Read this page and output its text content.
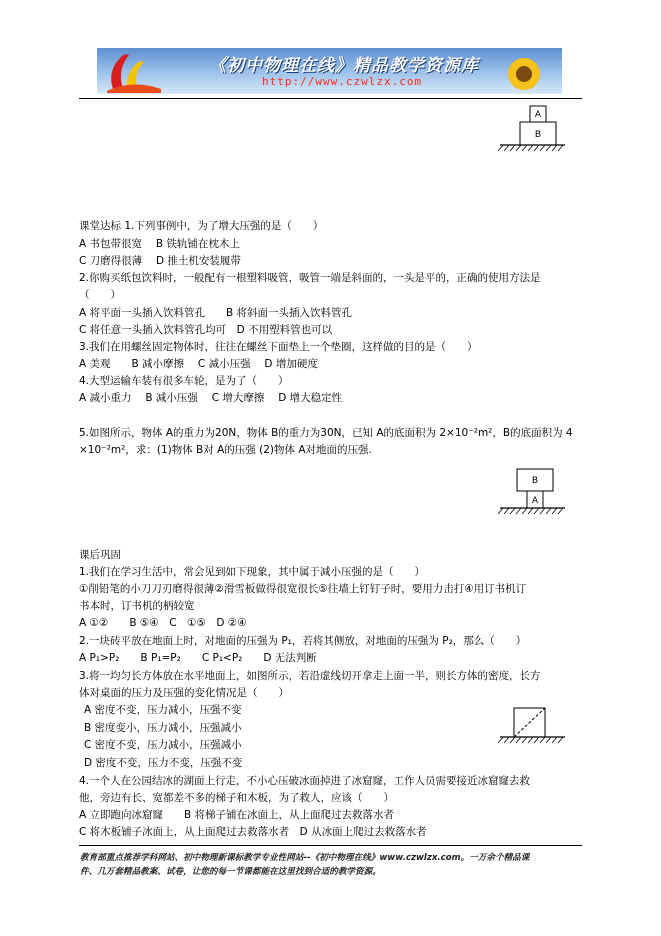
《初中物理在线》精品教学资源库
http://www.czwlzx.com
A
B
课堂达标 1.下列事例中，为了增大压强的是（　　）
A 书包带很宽　 B 铁轨铺在枕木上
C 刀磨得很薄　 D 推土机安装履带
2.你购买纸包饮料时，一般配有一根塑料吸管，吸管一端是斜面的，一头是平的，正确的使用方法是
（　　）
A 将平面一头插入饮料管孔　　B 将斜面一头插入饮料管孔
C 将任意一头插入饮料管孔均可　D 不用塑料管也可以
3.我们在用螺丝固定物体时，往往在螺丝下面垫上一个垫圈，这样做的目的是（　　）
A 美观　　B 减小摩擦　 C 减小压强　 D 增加硬度
4.大型运输车装有很多车轮，是为了（　　）
A 减小重力　 B 减小压强　 C 增大摩擦　 D 增大稳定性
5.如图所示，物体 A的重力为20N，物体 B的重力为30N，已知 A的底面积为 2×10⁻²m²，B的底面积为 4
×10⁻²m²，求：(1)物体 B对 A的压强 (2)物体 A对地面的压强.
B
A
课后巩固
1.我们在学习生活中，常会见到如下现象，其中属于减小压强的是（　　）
①削铅笔的小刀刀刃磨得很薄②滑雪板做得很宽很长⑤往墙上钉钉子时，要用力击打④用订书机订
书本时，订书机的柄较宽
A ①②　　B ⑤④　C　①⑤　D ②④
2.一块砖平放在地面上时，对地面的压强为 P₁，若将其侧放，对地面的压强为 P₂，那么（　　）
A P₁>P₂　　B P₁=P₂　　C P₁<P₂　　D 无法判断
3.将一均匀长方体放在水平地面上，如图所示，若沿虚线切开拿走上面一半，则长方体的密度，长方
体对桌面的压力及压强的变化情况是（　　）
A 密度不变，压力减小，压强不变
B 密度变小，压力减小，压强减小
C 密度不变，压力减小，压强减小
D 密度不变，压力不变，压强不变
4.一个人在公园结冰的湖面上行走，不小心压破冰面掉进了冰窟窿，工作人员需要接近冰窟窿去救
他，旁边有长、宽都差不多的梯子和木板，为了救人，应该（　　）
A 立即跑向冰窟窿　　B 将梯子铺在冰面上，从上面爬过去救落水者
C 将木板铺子冰面上，从上面爬过去救落水者　D 从冰面上爬过去救落水者
教育部重点推荐学科网站、初中物理新课标教学专业性网站--《初中物理在线》www.czwlzx.com。一万余个精品课
件、几万套精品教案、试卷，让您的每一节课都能在这里找到合适的教学资源。
